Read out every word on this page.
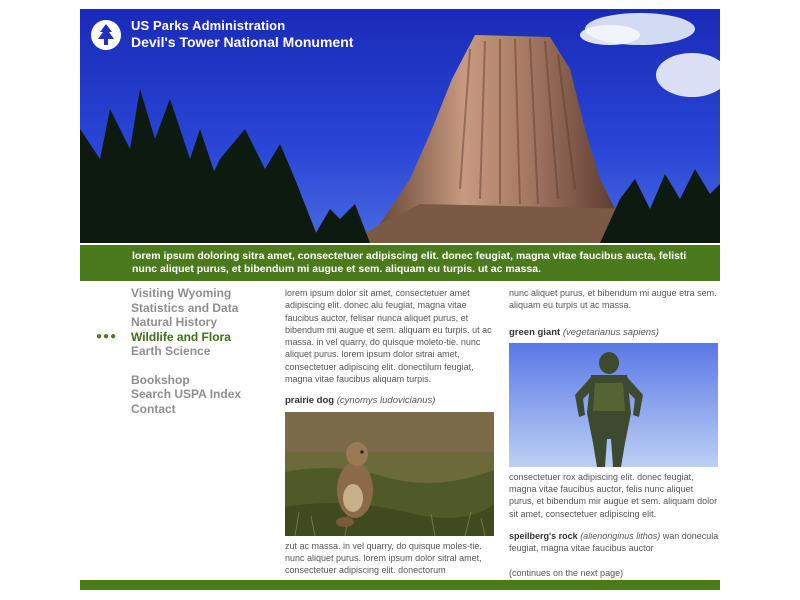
US Parks Administration
Devil's Tower National Monument
lorem ipsum doloring sitra amet, consectetuer adipiscing elit. donec feugiat, magna vitae faucibus aucta, felisti nunc aliquet purus, et bibendum mi augue et sem. aliquam eu turpis. ut ac massa.
Visiting Wyoming
Statistics and Data
Natural History
●●●	Wildlife and Flora
Earth Science
Bookshop
Search USPA Index
Contact
lorem ipsum dolor sit amet, consectetuer amet adipiscing elit. donec alu feugiat, magna vitae faucibus auctor, felisar nunca aliquet purus, et bibendum mi augue et sem. aliquam eu turpis. ut ac massa. in vel quarry, do quisque moleto-tie. nunc aliquet purus. lorem ipsum dolor sitrai amet, consectetuer adipiscing elit. donectilum feugiat, magna vitae faucibus aliquam turpis.
prairie dog (cynomys ludovicianus)
zut ac massa. in vel quarry, do quisque moles-tie. nunc aliquet purus. lorem ipsum dolor sitral amet, consectetuer adipiscing elit. donectorum
nunc aliquet purus, et bibendum mi augue etra sem. aliquam eu turpis ut ac massa.
green giant (vegetarianus sapiens)
consectetuer rox adipiscing elit. donec feugiat, magna vitae faucibus auctor, felis nunc aliquet purus, et bibendum mir augue et sem. aliquam dolor sit amet, consectetuer adipiscing elit.
speilberg's rock (alienoriginus lithos) wan donecula feugiat, magna vitae faucibus auctor
(continues on the next page)
